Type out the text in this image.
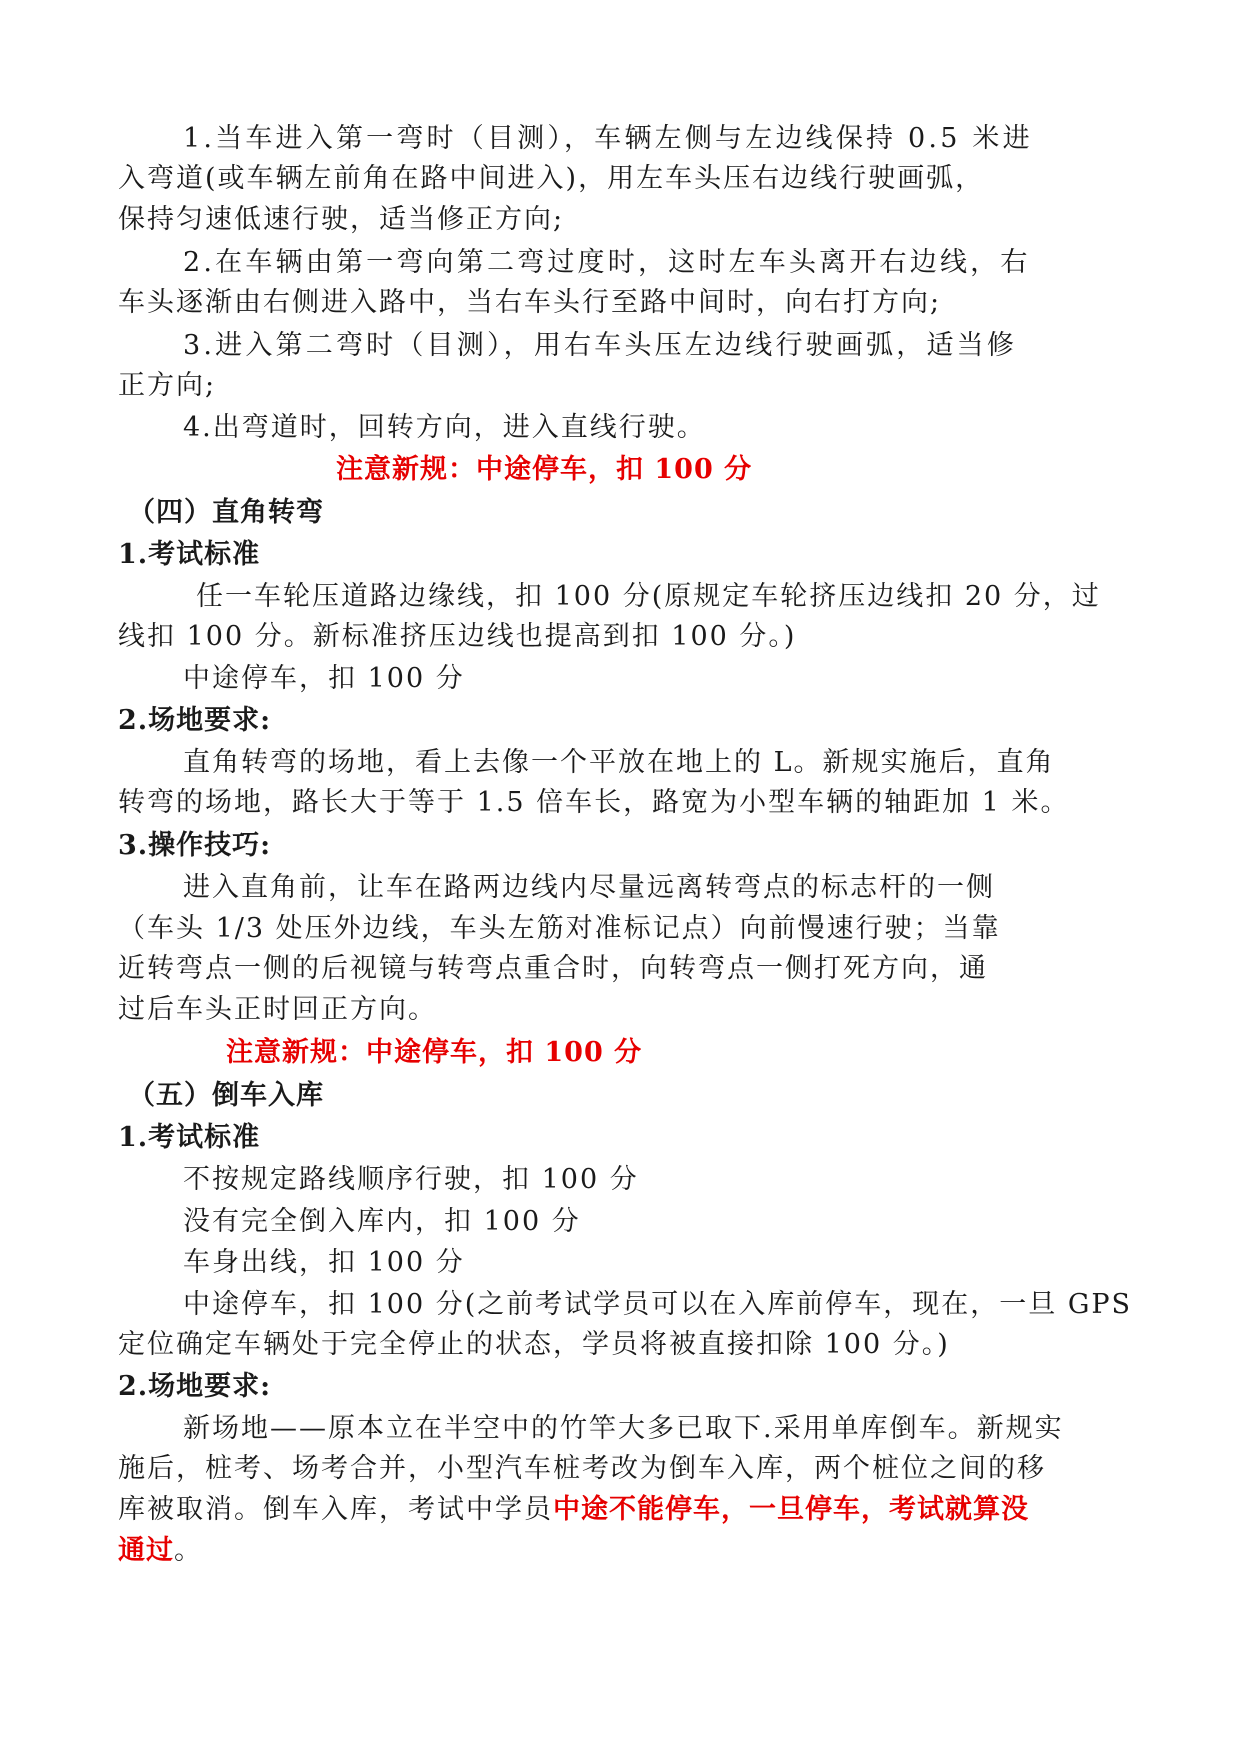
1.当车进入第一弯时（目测），车辆左侧与左边线保持 0.5 米进
入弯道(或车辆左前角在路中间进入)，用左车头压右边线行驶画弧，
保持匀速低速行驶，适当修正方向;
2.在车辆由第一弯向第二弯过度时，这时左车头离开右边线，右
车头逐渐由右侧进入路中，当右车头行至路中间时，向右打方向;
3.进入第二弯时（目测），用右车头压左边线行驶画弧，适当修
正方向;
4.出弯道时，回转方向，进入直线行驶。
注意新规：中途停车，扣 100 分
（四）直角转弯
1.考试标准
任一车轮压道路边缘线，扣 100 分(原规定车轮挤压边线扣 20 分，过
线扣 100 分。新标准挤压边线也提高到扣 100 分。)
中途停车，扣 100 分
2.场地要求:
直角转弯的场地，看上去像一个平放在地上的 L。新规实施后，直角
转弯的场地，路长大于等于 1.5 倍车长，路宽为小型车辆的轴距加 1 米。
3.操作技巧:
进入直角前，让车在路两边线内尽量远离转弯点的标志杆的一侧
（车头 1/3 处压外边线，车头左筋对准标记点）向前慢速行驶；当靠
近转弯点一侧的后视镜与转弯点重合时，向转弯点一侧打死方向，通
过后车头正时回正方向。
注意新规：中途停车，扣 100 分
（五）倒车入库
1.考试标准
不按规定路线顺序行驶，扣 100 分
没有完全倒入库内，扣 100 分
车身出线，扣 100 分
中途停车，扣 100 分(之前考试学员可以在入库前停车，现在，一旦 GPS
定位确定车辆处于完全停止的状态，学员将被直接扣除 100 分。)
2.场地要求:
新场地——原本立在半空中的竹竿大多已取下.采用单库倒车。新规实
施后，桩考、场考合并，小型汽车桩考改为倒车入库，两个桩位之间的移
库被取消。倒车入库，考试中学员中途不能停车，一旦停车，考试就算没
通过。
